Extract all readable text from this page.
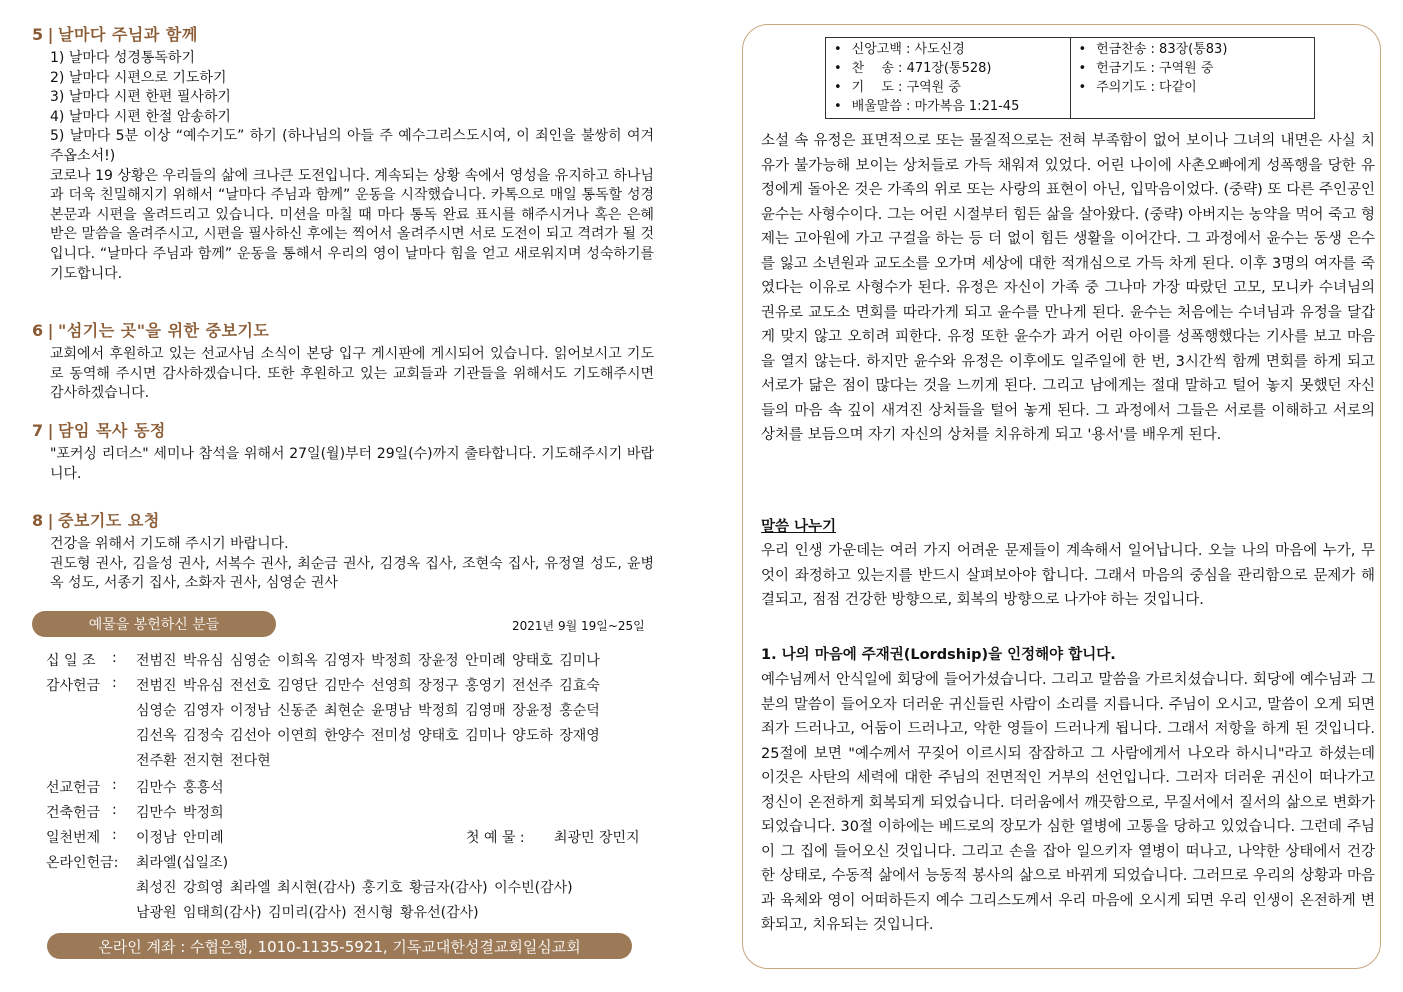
5 | 날마다 주님과 함께
1) 날마다 성경통독하기
2) 날마다 시편으로 기도하기
3) 날마다 시편 한편 필사하기
4) 날마다 시편 한절 암송하기
5) 날마다 5분 이상 “예수기도” 하기 (하나님의 아들 주 예수그리스도시여, 이 죄인을 불쌍히 여겨주옵소서!)
코로나 19 상황은 우리들의 삶에 크나큰 도전입니다. 계속되는 상황 속에서 영성을 유지하고 하나님과 더욱 친밀해지기 위해서 “날마다 주님과 함께” 운동을 시작했습니다. 카톡으로 매일 통독할 성경 본문과 시편을 올려드리고 있습니다. 미션을 마칠 때 마다 통독 완료 표시를 해주시거나 혹은 은혜 받은 말씀을 올려주시고, 시편을 필사하신 후에는 찍어서 올려주시면 서로 도전이 되고 격려가 될 것입니다. “날마다 주님과 함께” 운동을 통해서 우리의 영이 날마다 힘을 얻고 새로워지며 성숙하기를 기도합니다.
6 | "섬기는 곳"을 위한 중보기도
교회에서 후원하고 있는 선교사님 소식이 본당 입구 게시판에 게시되어 있습니다. 읽어보시고 기도로 동역해 주시면 감사하겠습니다. 또한 후원하고 있는 교회들과 기관들을 위해서도 기도해주시면 감사하겠습니다.
7 | 담임 목사 동정
"포커싱 리더스" 세미나 참석을 위해서 27일(월)부터 29일(수)까지 출타합니다. 기도해주시기 바랍니다.
8 | 중보기도 요청
건강을 위해서 기도해 주시기 바랍니다.
권도형 권사, 김을성 권사, 서복수 권사, 최순금 권사, 김경옥 집사, 조현숙 집사, 유정열 성도, 윤병옥 성도, 서종기 집사, 소화자 권사, 심영순 권사
예물을 봉헌하신 분들	2021년 9월 19일~25일
십 일 조 : 전범진 박유심 심영순 이희옥 김영자 박정희 장윤정 안미례 양태호 김미나
감사헌금 : 전범진 박유심 전선호 김영단 김만수 선영희 장정구 홍영기 전선주 김효숙
심영순 김영자 이정남 신동준 최현순 윤명남 박정희 김영매 장윤정 홍순덕
김선옥 김정숙 김선아 이연희 한양수 전미성 양태호 김미나 양도하 장재영
전주환 전지현 전다현
선교헌금 : 김만수 홍흥석
건축헌금 : 김만수 박정희
일천번제 : 이정남 안미례	첫 예 물 : 최광민 장민지
온라인헌금: 최라엘(십일조)
최성진 강희영 최라엘 최시현(감사) 홍기호 황금자(감사) 이수빈(감사)
남광원 임태희(감사) 김미리(감사) 전시형 황유선(감사)
온라인 계좌 : 수협은행, 1010-1135-5921, 기독교대한성결교회일심교회
• 신앙고백 : 사도신경
• 찬　 송 : 471장(통528)
• 기　 도 : 구역원 중
• 배울말씀 : 마가복음 1:21-45
• 헌금찬송 : 83장(통83)
• 헌금기도 : 구역원 중
• 주의기도 : 다같이
소설 속 유정은 표면적으로 또는 물질적으로는 전혀 부족함이 없어 보이나 그녀의 내면은 사실 치유가 불가능해 보이는 상처들로 가득 채워져 있었다. 어린 나이에 사촌오빠에게 성폭행을 당한 유정에게 돌아온 것은 가족의 위로 또는 사랑의 표현이 아닌, 입막음이었다. (중략) 또 다른 주인공인 윤수는 사형수이다. 그는 어린 시절부터 힘든 삶을 살아왔다. (중략) 아버지는 농약을 먹어 죽고 형제는 고아원에 가고 구걸을 하는 등 더 없이 힘든 생활을 이어간다. 그 과정에서 윤수는 동생 은수를 잃고 소년원과 교도소를 오가며 세상에 대한 적개심으로 가득 차게 된다. 이후 3명의 여자를 죽였다는 이유로 사형수가 된다. 유정은 자신이 가족 중 그나마 가장 따랐던 고모, 모니카 수녀님의 권유로 교도소 면회를 따라가게 되고 윤수를 만나게 된다. 윤수는 처음에는 수녀님과 유정을 달갑게 맞지 않고 오히려 피한다. 유정 또한 윤수가 과거 어린 아이를 성폭행했다는 기사를 보고 마음을 열지 않는다. 하지만 윤수와 유정은 이후에도 일주일에 한 번, 3시간씩 함께 면회를 하게 되고 서로가 닮은 점이 많다는 것을 느끼게 된다. 그리고 남에게는 절대 말하고 털어 놓지 못했던 자신들의 마음 속 깊이 새겨진 상처들을 털어 놓게 된다. 그 과정에서 그들은 서로를 이해하고 서로의 상처를 보듬으며 자기 자신의 상처를 치유하게 되고 '용서'를 배우게 된다.
말씀 나누기
우리 인생 가운데는 여러 가지 어려운 문제들이 계속해서 일어납니다. 오늘 나의 마음에 누가, 무엇이 좌정하고 있는지를 반드시 살펴보아야 합니다. 그래서 마음의 중심을 관리함으로 문제가 해결되고, 점점 건강한 방향으로, 회복의 방향으로 나가야 하는 것입니다.
1. 나의 마음에 주재권(Lordship)을 인정해야 합니다.
예수님께서 안식일에 회당에 들어가셨습니다. 그리고 말씀을 가르치셨습니다. 회당에 예수님과 그분의 말씀이 들어오자 더러운 귀신들린 사람이 소리를 지릅니다. 주님이 오시고, 말씀이 오게 되면 죄가 드러나고, 어둠이 드러나고, 악한 영들이 드러나게 됩니다. 그래서 저항을 하게 된 것입니다. 25절에 보면 "예수께서 꾸짖어 이르시되 잠잠하고 그 사람에게서 나오라 하시니"라고 하셨는데 이것은 사탄의 세력에 대한 주님의 전면적인 거부의 선언입니다. 그러자 더러운 귀신이 떠나가고 정신이 온전하게 회복되게 되었습니다. 더러움에서 깨끗함으로, 무질서에서 질서의 삶으로 변화가 되었습니다. 30절 이하에는 베드로의 장모가 심한 열병에 고통을 당하고 있었습니다. 그런데 주님이 그 집에 들어오신 것입니다. 그리고 손을 잡아 일으키자 열병이 떠나고, 나약한 상태에서 건강한 상태로, 수동적 삶에서 능동적 봉사의 삶으로 바뀌게 되었습니다. 그러므로 우리의 상황과 마음과 육체와 영이 어떠하든지 예수 그리스도께서 우리 마음에 오시게 되면 우리 인생이 온전하게 변화되고, 치유되는 것입니다.
